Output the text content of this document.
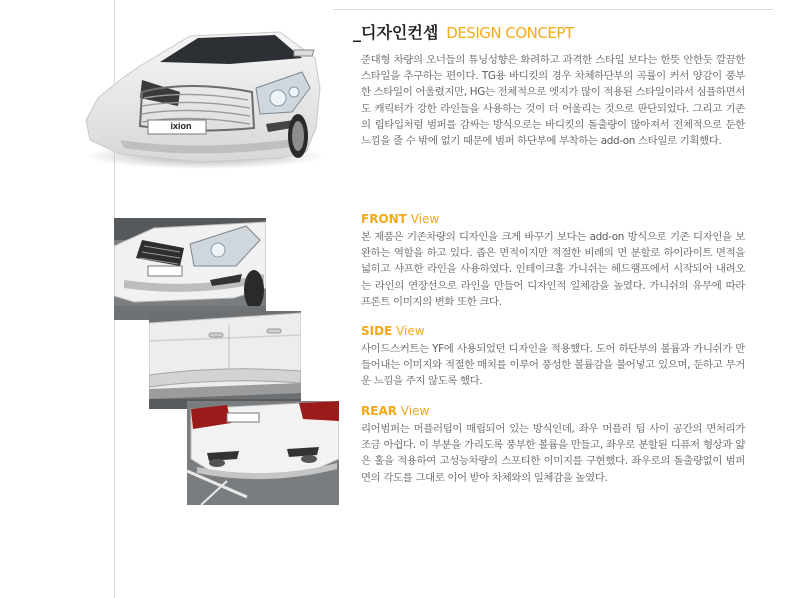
ixion
_디자인컨셉 DESIGN CONCEPT
준대형 차량의 오너들의 튜닝성향은 화려하고 과격한 스타일 보다는 한뜻 안한듯 깔끔한 스타일을 추구하는 편이다. TG용 바디킷의 경우 차체하단부의 곡률이 커서 양감이 풍부한 스타일이 어울렸지만, HG는 전체적으로 엣지가 많이 적용된 스타일이라서 심플하면서도 캐릭터가 강한 라인들을 사용하는 것이 더 어울리는 것으로 판단되었다. 그리고 기존의 립타입처럼 범퍼를 감싸는 방식으로는 바디킷의 돌출량이 많아져서 전체적으로 둔한 느낌을 줄 수 밖에 없기 때문에 범퍼 하단부에 부착하는 add-on 스타일로 기획했다.
FRONT View
본 제품은 기존차량의 디자인을 크게 바꾸기 보다는 add-on 방식으로 기존 디자인을 보완하는 역할을 하고 있다. 좁은 면적이지만 적절한 비례의 면 분할로 하이라이트 면적을 넓히고 샤프한 라인을 사용하였다. 인테이크홀 가니쉬는 헤드램프에서 시작되어 내려오는 라인의 연장선으로 라인을 만들어 디자인적 일체감을 높였다. 가니쉬의 유무에 따라 프론트 이미지의 변화 또한 크다.
SIDE View
사이드스커트는 YF에 사용되었던 디자인을 적용했다. 도어 하단부의 볼륨과 가니쉬가 만들어내는 이미지와 적절한 매치를 이루어 풍성한 볼륨감을 불어넣고 있으며, 둔하고 무거운 느낌을 주지 않도록 했다.
REAR View
리어범퍼는 머플러팁이 매립되어 있는 방식인데, 좌우 머플러 팁 사이 공간의 면처리가 조금 아쉽다. 이 부분을 가리도록 풍부한 볼륨을 만들고, 좌우로 분할된 디퓨저 형상과 얇은 홀을 적용하여 고성능차량의 스포티한 이미지를 구현했다. 좌우로의 돌출량없이 범퍼 면의 각도를 그대로 이어 받아 차체와의 일체감을 높였다.
